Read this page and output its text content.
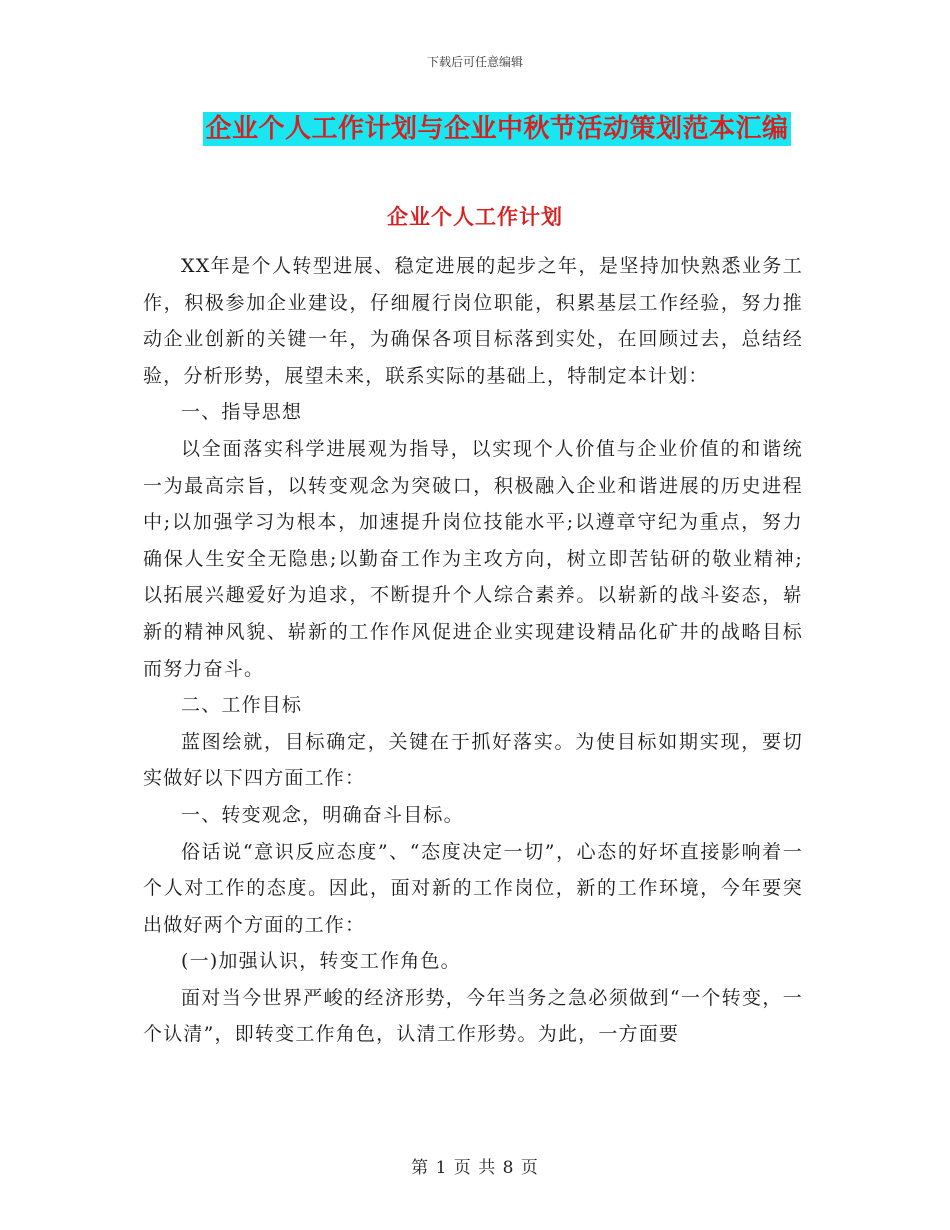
下载后可任意编辑
企业个人工作计划与企业中秋节活动策划范本汇编
企业个人工作计划

XX年是个人转型进展、稳定进展的起步之年，是坚持加快熟悉业务工作，积极参加企业建设，仔细履行岗位职能，积累基层工作经验，努力推动企业创新的关键一年，为确保各项目标落到实处，在回顾过去，总结经验，分析形势，展望未来，联系实际的基础上，特制定本计划：

一、指导思想

以全面落实科学进展观为指导，以实现个人价值与企业价值的和谐统一为最高宗旨，以转变观念为突破口，积极融入企业和谐进展的历史进程中;以加强学习为根本，加速提升岗位技能水平;以遵章守纪为重点，努力确保人生安全无隐患;以勤奋工作为主攻方向，树立即苦钻研的敬业精神;以拓展兴趣爱好为追求，不断提升个人综合素养。以崭新的战斗姿态，崭新的精神风貌、崭新的工作作风促进企业实现建设精品化矿井的战略目标而努力奋斗。

二、工作目标

蓝图绘就，目标确定，关键在于抓好落实。为使目标如期实现，要切实做好以下四方面工作：

一、转变观念，明确奋斗目标。

俗话说“意识反应态度”、“态度决定一切”，心态的好坏直接影响着一个人对工作的态度。因此，面对新的工作岗位，新的工作环境，今年要突出做好两个方面的工作：

(一)加强认识，转变工作角色。

面对当今世界严峻的经济形势，今年当务之急必须做到“一个转变，一个认清”，即转变工作角色，认清工作形势。为此，一方面要

第 1 页 共 8 页
